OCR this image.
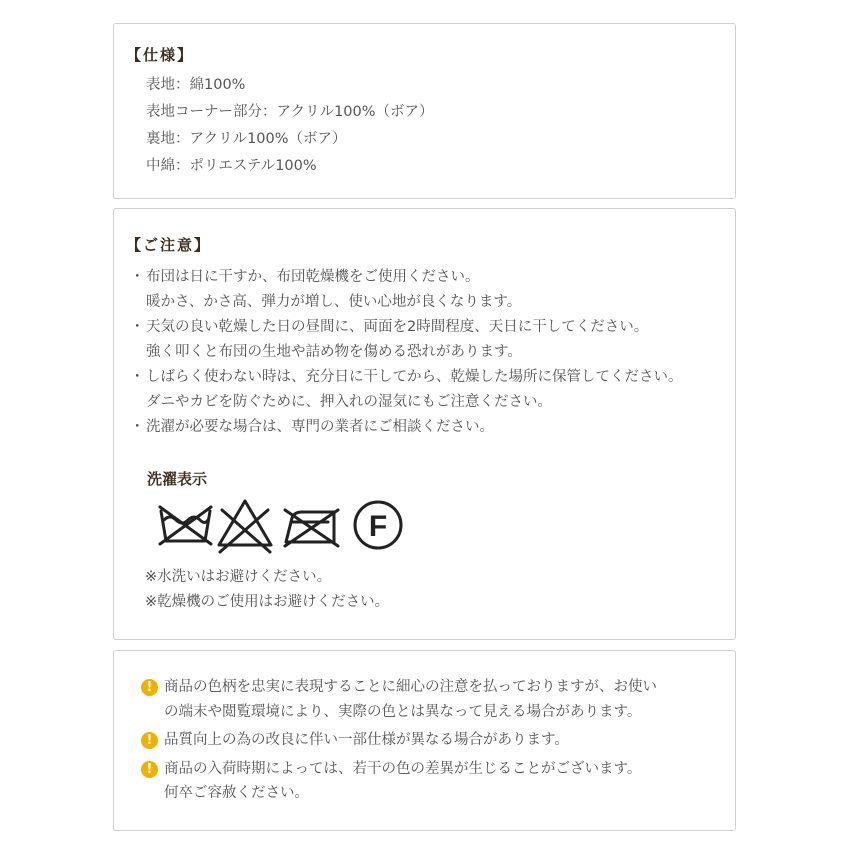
【仕様】
表地：綿100%
表地コーナー部分：アクリル100%（ボア）
裏地：アクリル100%（ボア）
中綿：ポリエステル100%
【ご注意】
・ 布団は日に干すか、布団乾燥機をご使用ください。
暖かさ、かさ高、弾力が増し、使い心地が良くなります。
・ 天気の良い乾燥した日の昼間に、両面を2時間程度、天日に干してください。
強く叩くと布団の生地や詰め物を傷める恐れがあります。
・ しばらく使わない時は、充分日に干してから、乾燥した場所に保管してください。
ダニやカビを防ぐために、押入れの湿気にもご注意ください。
・ 洗濯が必要な場合は、専門の業者にご相談ください。
洗濯表示
F
※水洗いはお避けください。
※乾燥機のご使用はお避けください。
! 商品の色柄を忠実に表現することに細心の注意を払っておりますが、お使い
の端末や閲覧環境により、実際の色とは異なって見える場合があります。
! 品質向上の為の改良に伴い一部仕様が異なる場合があります。
! 商品の入荷時期によっては、若干の色の差異が生じることがございます。
何卒ご容赦ください。
